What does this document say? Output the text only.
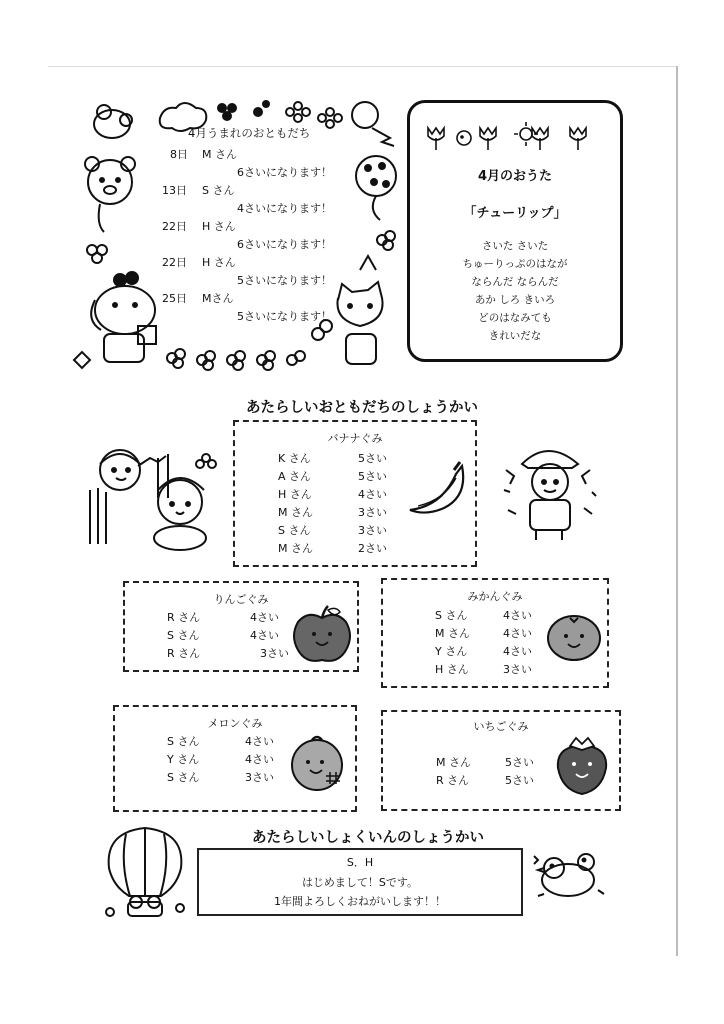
4月うまれのおともだち
8日 M さん
6さいになります！
13日 S さん
4さいになります！
22日 H さん
6さいになります！
22日 H さん
5さいになります！
25日 Mさん
5さいになります！
4月のおうた
「チューリップ」
さいた さいた
ちゅーりっぷのはなが
ならんだ ならんだ
あか しろ きいろ
どのはなみても
きれいだな
あたらしいおともだちのしょうかい
バナナぐみ
K さん	5さい
A さん	5さい
H さん	4さい
M さん	3さい
S さん	3さい
M さん	2さい
りんごぐみ
R さん	4さい
S さん	4さい
R さん	3さい
みかんぐみ
S さん	4さい
M さん	4さい
Y さん	4さい
H さん	3さい
メロンぐみ
S さん	4さい
Y さん	4さい
S さん	3さい
いちごぐみ
M さん	5さい
R さん	5さい
あたらしいしょくいんのしょうかい
S．H
はじめまして！Sです。
1年間よろしくおねがいします！！
